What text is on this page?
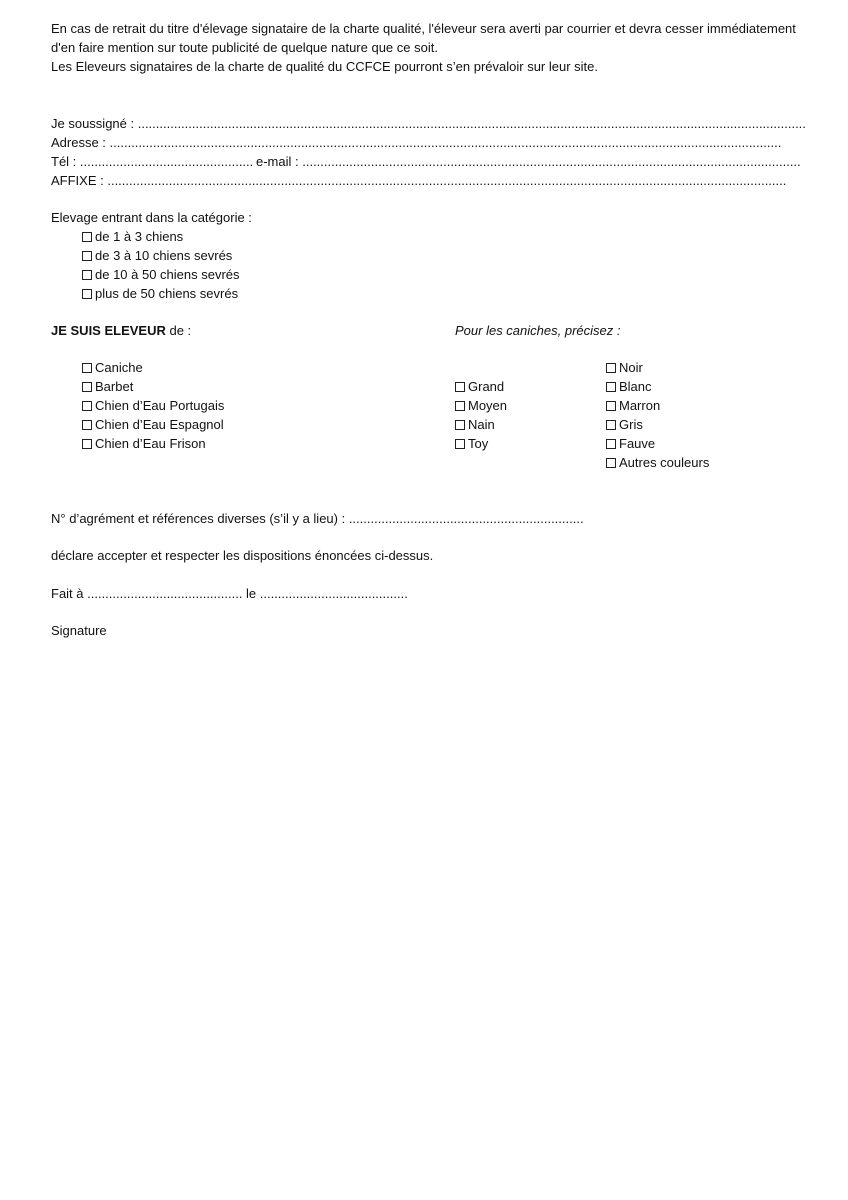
En cas de retrait du titre d'élevage signataire de la charte qualité, l'éleveur sera averti par courrier et devra cesser immédiatement
d'en faire mention sur toute publicité de quelque nature que ce soit.
Les Eleveurs signataires de la charte de qualité du CCFCE pourront s’en prévaloir sur leur site.
Je soussigné : .........................................................................................................................................................................................
Adresse : ..........................................................................................................................................................................................
Tél : ................................................ e-mail : ..........................................................................................................................................
AFFIXE : ............................................................................................................................................................................................
Elevage entrant dans la catégorie :
de 1 à 3 chiens
de 3 à 10 chiens sevrés
de 10 à 50 chiens sevrés
plus de 50 chiens sevrés
JE SUIS ELEVEUR de :	Pour les caniches, précisez :
Caniche
Barbet
Chien d’Eau Portugais
Chien d’Eau Espagnol
Chien d’Eau Frison
Grand
Moyen
Nain
Toy
Noir
Blanc
Marron
Gris
Fauve
Autres couleurs
N° d’agrément et références diverses (s’il y a lieu) : .................................................................
déclare accepter et respecter les dispositions énoncées ci-dessus.
Fait à ........................................... le .........................................
Signature
